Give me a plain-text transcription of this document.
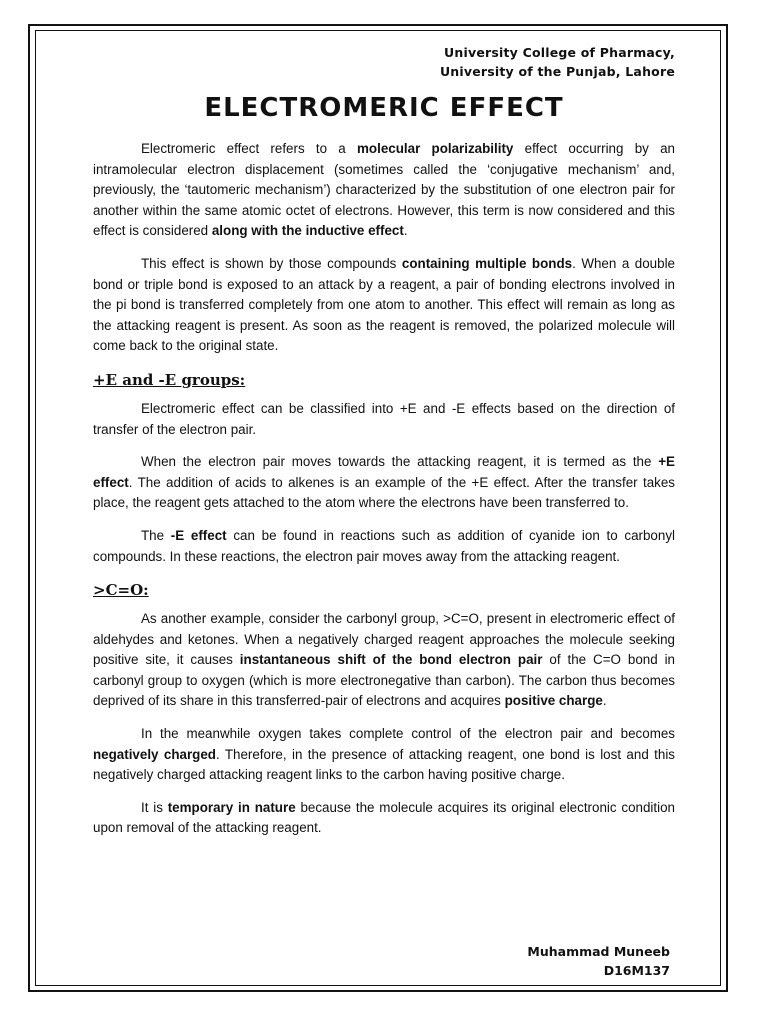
University College of Pharmacy,
University of the Punjab, Lahore
ELECTROMERIC EFFECT

Electromeric effect refers to a molecular polarizability effect occurring by an intramolecular electron displacement (sometimes called the ‘conjugative mechanism’ and, previously, the ‘tautomeric mechanism’) characterized by the substitution of one electron pair for another within the same atomic octet of electrons. However, this term is now considered and this effect is considered along with the inductive effect.

This effect is shown by those compounds containing multiple bonds. When a double bond or triple bond is exposed to an attack by a reagent, a pair of bonding electrons involved in the pi bond is transferred completely from one atom to another. This effect will remain as long as the attacking reagent is present. As soon as the reagent is removed, the polarized molecule will come back to the original state.

+E and -E groups:

Electromeric effect can be classified into +E and -E effects based on the direction of transfer of the electron pair.

When the electron pair moves towards the attacking reagent, it is termed as the +E effect. The addition of acids to alkenes is an example of the +E effect. After the transfer takes place, the reagent gets attached to the atom where the electrons have been transferred to.

The -E effect can be found in reactions such as addition of cyanide ion to carbonyl compounds. In these reactions, the electron pair moves away from the attacking reagent.

>C=O:

As another example, consider the carbonyl group, >C=O, present in electromeric effect of aldehydes and ketones. When a negatively charged reagent approaches the molecule seeking positive site, it causes instantaneous shift of the bond electron pair of the C=O bond in carbonyl group to oxygen (which is more electronegative than carbon). The carbon thus becomes deprived of its share in this transferred-pair of electrons and acquires positive charge.

In the meanwhile oxygen takes complete control of the electron pair and becomes negatively charged. Therefore, in the presence of attacking reagent, one bond is lost and this negatively charged attacking reagent links to the carbon having positive charge.

It is temporary in nature because the molecule acquires its original electronic condition upon removal of the attacking reagent.

Muhammad Muneeb
D16M137
